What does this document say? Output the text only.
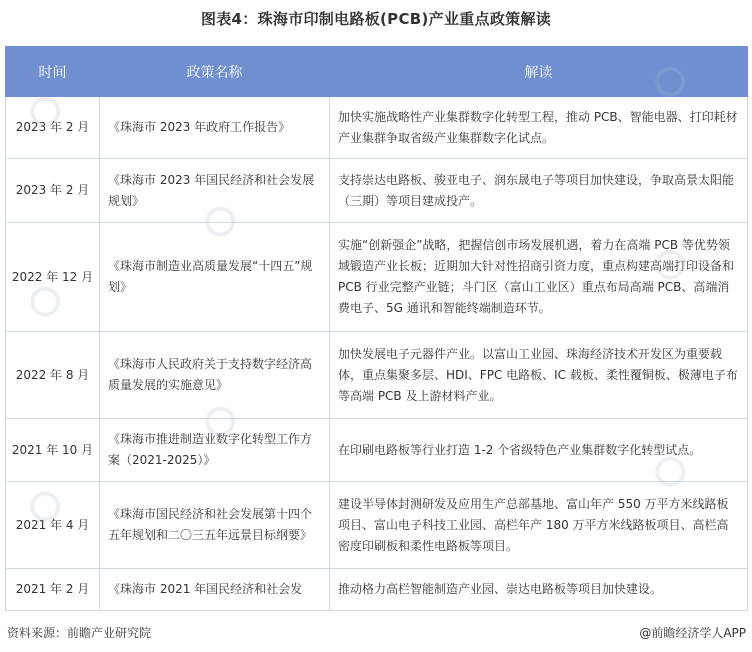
图表4：珠海市印制电路板(PCB)产业重点政策解读
时间	政策名称	解读
2023 年 2 月	《珠海市 2023 年政府工作报告》	加快实施战略性产业集群数字化转型工程，推动 PCB、智能电器、打印耗材产业集群争取省级产业集群数字化试点。
2023 年 2 月	《珠海市 2023 年国民经济和社会发展规划》	支持崇达电路板、骏亚电子、润东晟电子等项目加快建设，争取高景太阳能（三期）等项目建成投产。
2022 年 12 月	《珠海市制造业高质量发展“十四五”规划》	实施“创新强企”战略，把握信创市场发展机遇，着力在高端 PCB 等优势领域锻造产业长板；近期加大针对性招商引资力度，重点构建高端打印设备和 PCB 行业完整产业链；斗门区（富山工业区）重点布局高端 PCB、高端消费电子、5G 通讯和智能终端制造环节。
2022 年 8 月	《珠海市人民政府关于支持数字经济高质量发展的实施意见》	加快发展电子元器件产业。以富山工业园、珠海经济技术开发区为重要载体，重点集聚多层、HDI、FPC 电路板、IC 载板、柔性覆铜板、极薄电子布等高端 PCB 及上游材料产业。
2021 年 10 月	《珠海市推进制造业数字化转型工作方案（2021-2025）》	在印刷电路板等行业打造 1-2 个省级特色产业集群数字化转型试点。
2021 年 4 月	《珠海市国民经济和社会发展第十四个五年规划和二〇三五年远景目标纲要》	建设半导体封测研发及应用生产总部基地、富山年产 550 万平方米线路板项目、富山电子科技工业园、高栏年产 180 万平方米线路板项目、高栏高密度印刷板和柔性电路板等项目。
2021 年 2 月	《珠海市 2021 年国民经济和社会发	推动格力高栏智能制造产业园、崇达电路板等项目加快建设。
资料来源：前瞻产业研究院	@前瞻经济学人APP
